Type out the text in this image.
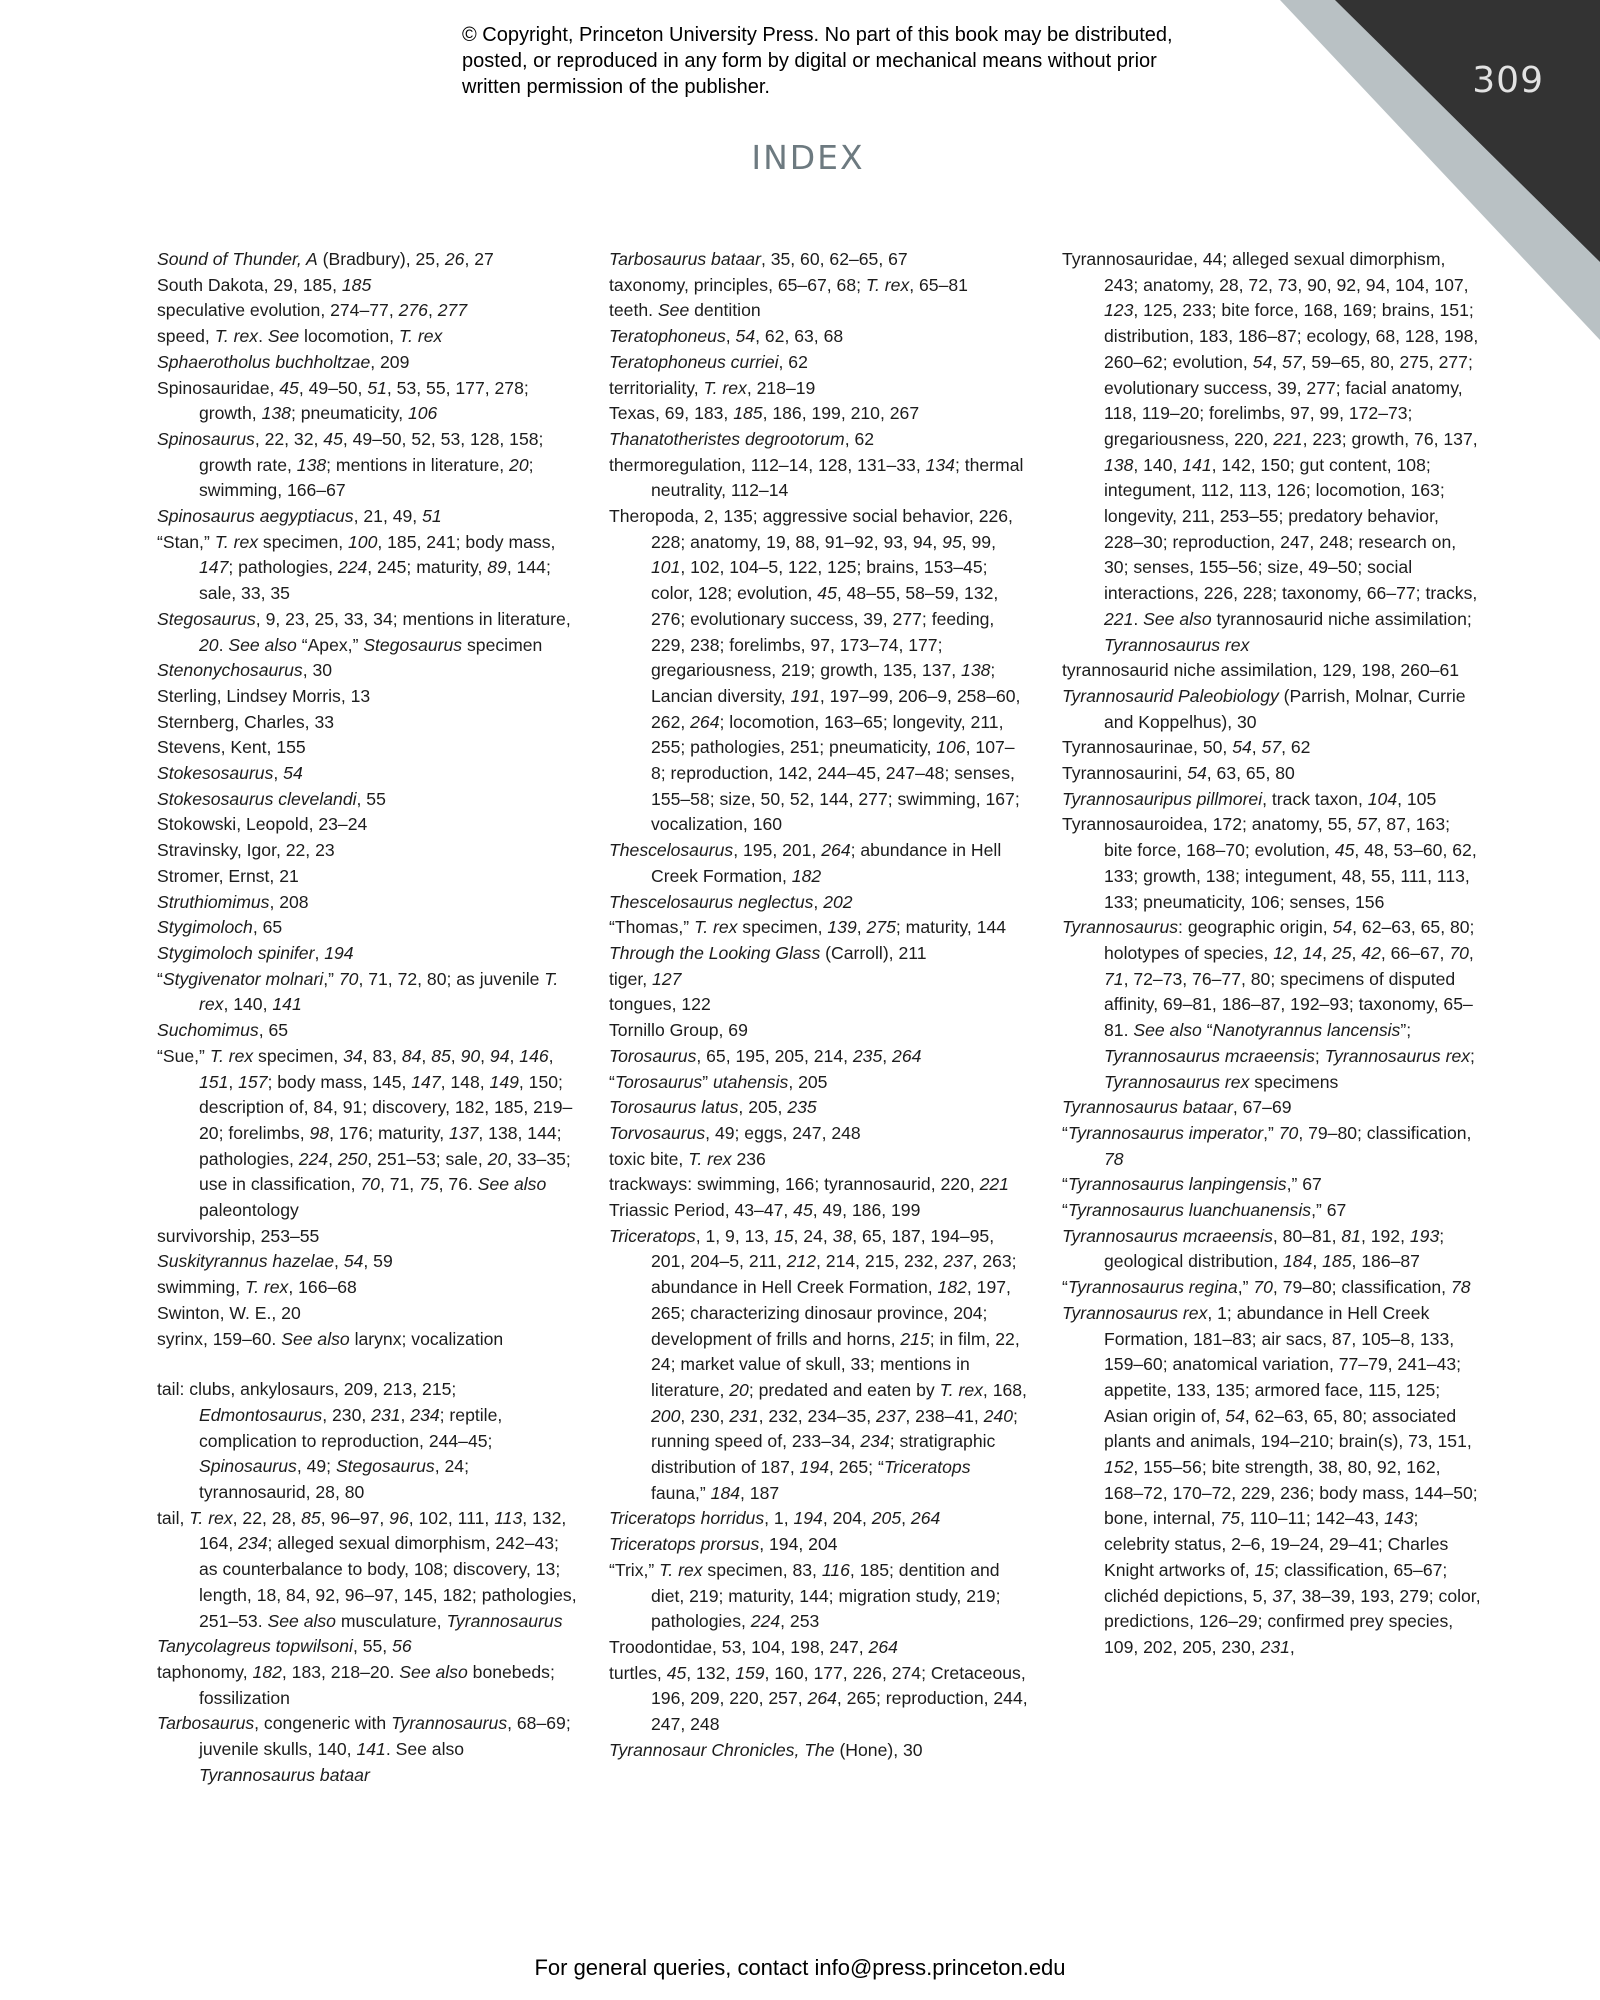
309

© Copyright, Princeton University Press. No part of this book may be distributed, posted, or reproduced in any form by digital or mechanical means without prior written permission of the publisher.

INDEX
Sound of Thunder, A (Bradbury), 25, 26, 27
South Dakota, 29, 185, 185
speculative evolution, 274–77, 276, 277
speed, T. rex. See locomotion, T. rex
Sphaerotholus buchholtzae, 209
Spinosauridae, 45, 49–50, 51, 53, 55, 177, 278; growth, 138; pneumaticity, 106
Spinosaurus, 22, 32, 45, 49–50, 52, 53, 128, 158; growth rate, 138; mentions in literature, 20; swimming, 166–67
Spinosaurus aegyptiacus, 21, 49, 51
“Stan,” T. rex specimen, 100, 185, 241; body mass, 147; pathologies, 224, 245; maturity, 89, 144; sale, 33, 35
Stegosaurus, 9, 23, 25, 33, 34; mentions in literature, 20. See also “Apex,” Stegosaurus specimen
Stenonychosaurus, 30
Sterling, Lindsey Morris, 13
Sternberg, Charles, 33
Stevens, Kent, 155
Stokesosaurus, 54
Stokesosaurus clevelandi, 55
Stokowski, Leopold, 23–24
Stravinsky, Igor, 22, 23
Stromer, Ernst, 21
Struthiomimus, 208
Stygimoloch, 65
Stygimoloch spinifer, 194
“Stygivenator molnari,” 70, 71, 72, 80; as juvenile T. rex, 140, 141
Suchomimus, 65
“Sue,” T. rex specimen, 34, 83, 84, 85, 90, 94, 146, 151, 157; body mass, 145, 147, 148, 149, 150; description of, 84, 91; discovery, 182, 185, 219–20; forelimbs, 98, 176; maturity, 137, 138, 144; pathologies, 224, 250, 251–53; sale, 20, 33–35; use in classification, 70, 71, 75, 76. See also paleontology
survivorship, 253–55
Suskityrannus hazelae, 54, 59
swimming, T. rex, 166–68
Swinton, W. E., 20
syrinx, 159–60. See also larynx; vocalization
tail: clubs, ankylosaurs, 209, 213, 215; Edmontosaurus, 230, 231, 234; reptile, complication to reproduction, 244–45; Spinosaurus, 49; Stegosaurus, 24; tyrannosaurid, 28, 80
tail, T. rex, 22, 28, 85, 96–97, 96, 102, 111, 113, 132, 164, 234; alleged sexual dimorphism, 242–43; as counterbalance to body, 108; discovery, 13; length, 18, 84, 92, 96–97, 145, 182; pathologies, 251–53. See also musculature, Tyrannosaurus
Tanycolagreus topwilsoni, 55, 56
taphonomy, 182, 183, 218–20. See also bonebeds; fossilization
Tarbosaurus, congeneric with Tyrannosaurus, 68–69; juvenile skulls, 140, 141. See also Tyrannosaurus bataar
Tarbosaurus bataar, 35, 60, 62–65, 67
taxonomy, principles, 65–67, 68; T. rex, 65–81
teeth. See dentition
Teratophoneus, 54, 62, 63, 68
Teratophoneus curriei, 62
territoriality, T. rex, 218–19
Texas, 69, 183, 185, 186, 199, 210, 267
Thanatotheristes degrootorum, 62
thermoregulation, 112–14, 128, 131–33, 134; thermal neutrality, 112–14
Theropoda, 2, 135; aggressive social behavior, 226, 228; anatomy, 19, 88, 91–92, 93, 94, 95, 99, 101, 102, 104–5, 122, 125; brains, 153–45; color, 128; evolution, 45, 48–55, 58–59, 132, 276; evolutionary success, 39, 277; feeding, 229, 238; forelimbs, 97, 173–74, 177; gregariousness, 219; growth, 135, 137, 138; Lancian diversity, 191, 197–99, 206–9, 258–60, 262, 264; locomotion, 163–65; longevity, 211, 255; pathologies, 251; pneumaticity, 106, 107–8; reproduction, 142, 244–45, 247–48; senses, 155–58; size, 50, 52, 144, 277; swimming, 167; vocalization, 160
Thescelosaurus, 195, 201, 264; abundance in Hell Creek Formation, 182
Thescelosaurus neglectus, 202
“Thomas,” T. rex specimen, 139, 275; maturity, 144
Through the Looking Glass (Carroll), 211
tiger, 127
tongues, 122
Tornillo Group, 69
Torosaurus, 65, 195, 205, 214, 235, 264
“Torosaurus” utahensis, 205
Torosaurus latus, 205, 235
Torvosaurus, 49; eggs, 247, 248
toxic bite, T. rex 236
trackways: swimming, 166; tyrannosaurid, 220, 221
Triassic Period, 43–47, 45, 49, 186, 199
Triceratops, 1, 9, 13, 15, 24, 38, 65, 187, 194–95, 201, 204–5, 211, 212, 214, 215, 232, 237, 263; abundance in Hell Creek Formation, 182, 197, 265; characterizing dinosaur province, 204; development of frills and horns, 215; in film, 22, 24; market value of skull, 33; mentions in literature, 20; predated and eaten by T. rex, 168, 200, 230, 231, 232, 234–35, 237, 238–41, 240; running speed of, 233–34, 234; stratigraphic distribution of 187, 194, 265; “Triceratops fauna,” 184, 187
Triceratops horridus, 1, 194, 204, 205, 264
Triceratops prorsus, 194, 204
“Trix,” T. rex specimen, 83, 116, 185; dentition and diet, 219; maturity, 144; migration study, 219; pathologies, 224, 253
Troodontidae, 53, 104, 198, 247, 264
turtles, 45, 132, 159, 160, 177, 226, 274; Cretaceous, 196, 209, 220, 257, 264, 265; reproduction, 244, 247, 248
Tyrannosaur Chronicles, The (Hone), 30
Tyrannosauridae, 44; alleged sexual dimorphism, 243; anatomy, 28, 72, 73, 90, 92, 94, 104, 107, 123, 125, 233; bite force, 168, 169; brains, 151; distribution, 183, 186–87; ecology, 68, 128, 198, 260–62; evolution, 54, 57, 59–65, 80, 275, 277; evolutionary success, 39, 277; facial anatomy, 118, 119–20; forelimbs, 97, 99, 172–73; gregariousness, 220, 221, 223; growth, 76, 137, 138, 140, 141, 142, 150; gut content, 108; integument, 112, 113, 126; locomotion, 163; longevity, 211, 253–55; predatory behavior, 228–30; reproduction, 247, 248; research on, 30; senses, 155–56; size, 49–50; social interactions, 226, 228; taxonomy, 66–77; tracks, 221. See also tyrannosaurid niche assimilation; Tyrannosaurus rex
tyrannosaurid niche assimilation, 129, 198, 260–61
Tyrannosaurid Paleobiology (Parrish, Molnar, Currie and Koppelhus), 30
Tyrannosaurinae, 50, 54, 57, 62
Tyrannosaurini, 54, 63, 65, 80
Tyrannosauripus pillmorei, track taxon, 104, 105
Tyrannosauroidea, 172; anatomy, 55, 57, 87, 163; bite force, 168–70; evolution, 45, 48, 53–60, 62, 133; growth, 138; integument, 48, 55, 111, 113, 133; pneumaticity, 106; senses, 156
Tyrannosaurus: geographic origin, 54, 62–63, 65, 80; holotypes of species, 12, 14, 25, 42, 66–67, 70, 71, 72–73, 76–77, 80; specimens of disputed affinity, 69–81, 186–87, 192–93; taxonomy, 65–81. See also “Nanotyrannus lancensis”; Tyrannosaurus mcraeensis; Tyrannosaurus rex; Tyrannosaurus rex specimens
Tyrannosaurus bataar, 67–69
“Tyrannosaurus imperator,” 70, 79–80; classification, 78
“Tyrannosaurus lanpingensis,” 67
“Tyrannosaurus luanchuanensis,” 67
Tyrannosaurus mcraeensis, 80–81, 81, 192, 193; geological distribution, 184, 185, 186–87
“Tyrannosaurus regina,” 70, 79–80; classification, 78
Tyrannosaurus rex, 1; abundance in Hell Creek Formation, 181–83; air sacs, 87, 105–8, 133, 159–60; anatomical variation, 77–79, 241–43; appetite, 133, 135; armored face, 115, 125; Asian origin of, 54, 62–63, 65, 80; associated plants and animals, 194–210; brain(s), 73, 151, 152, 155–56; bite strength, 38, 80, 92, 162, 168–72, 170–72, 229, 236; body mass, 144–50; bone, internal, 75, 110–11; 142–43, 143; celebrity status, 2–6, 19–24, 29–41; Charles Knight artworks of, 15; classification, 65–67; clichéd depictions, 5, 37, 38–39, 193, 279; color, predictions, 126–29; confirmed prey species, 109, 202, 205, 230, 231,

For general queries, contact info@press.princeton.edu
